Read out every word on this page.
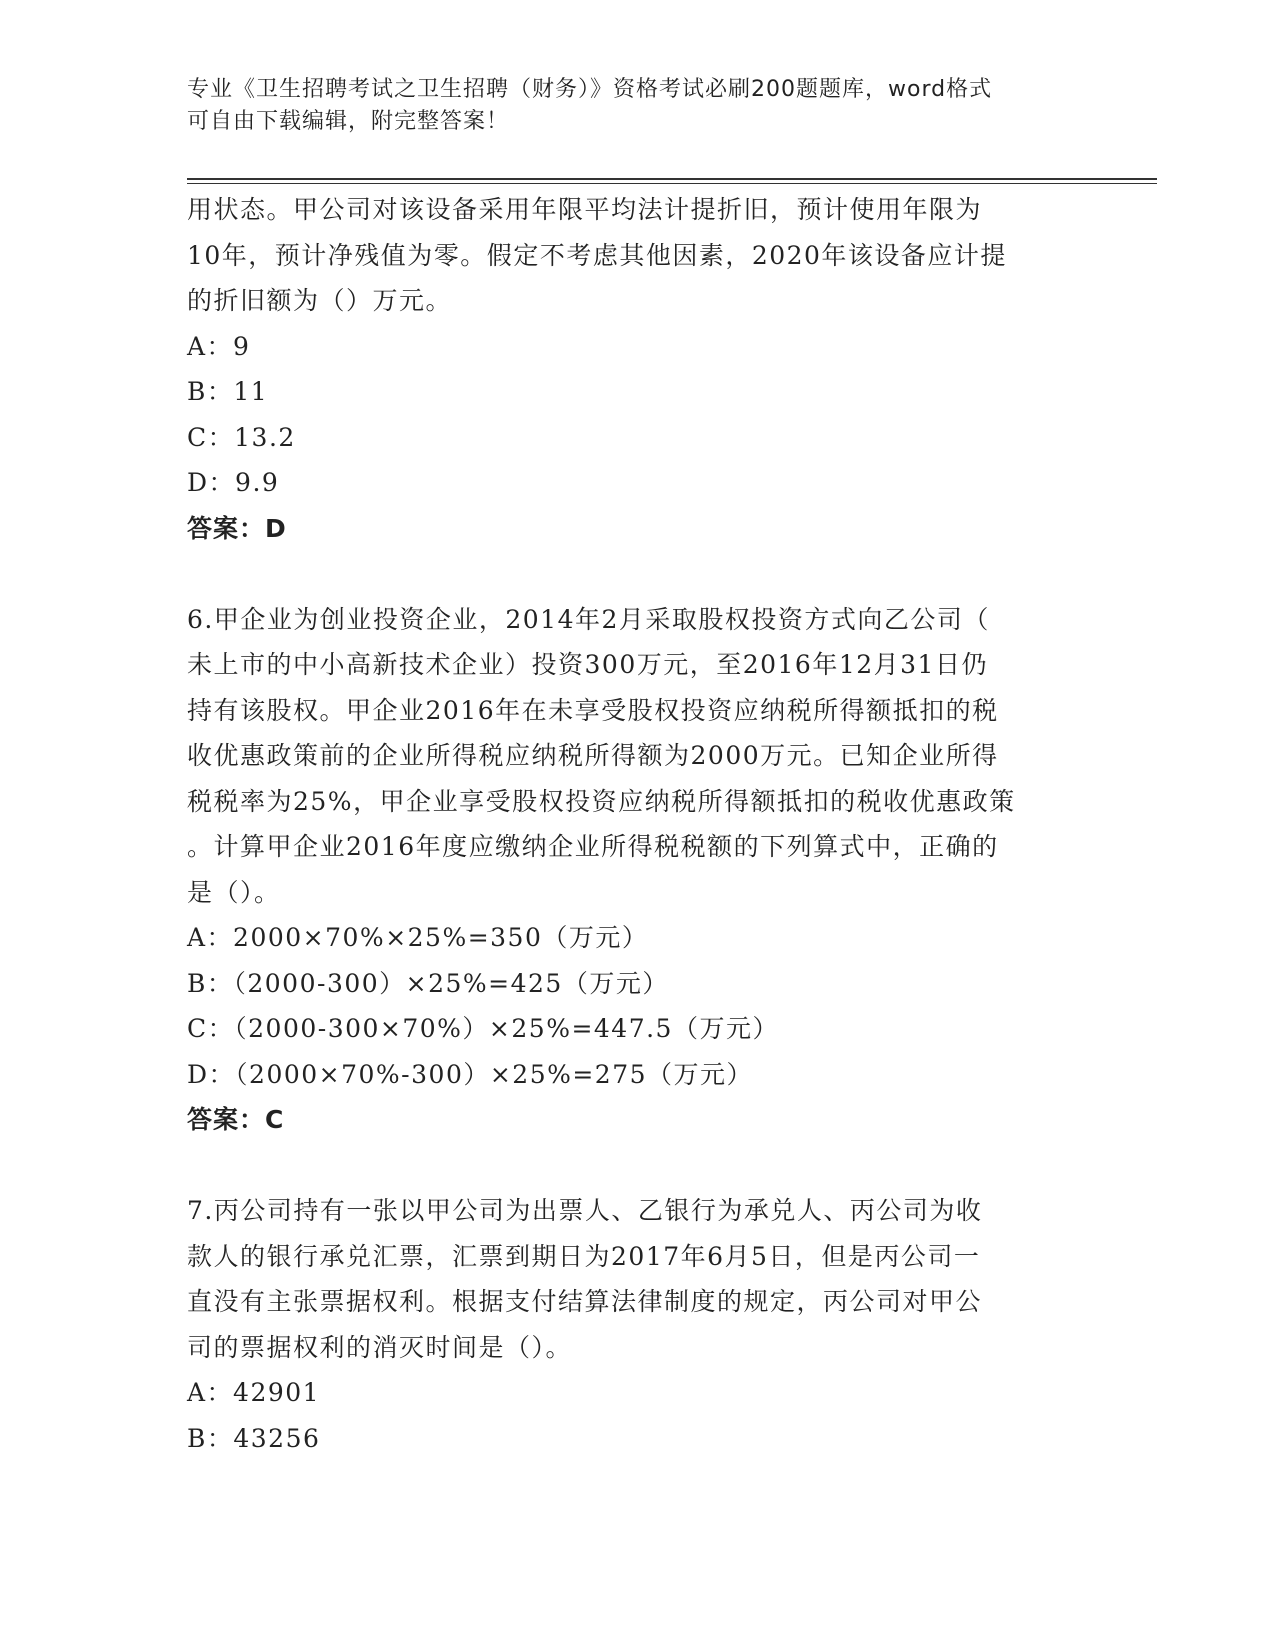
专业《卫生招聘考试之卫生招聘（财务）》资格考试必刷200题题库，word格式
可自由下载编辑，附完整答案！
用状态。甲公司对该设备采用年限平均法计提折旧，预计使用年限为
10年，预计净残值为零。假定不考虑其他因素，2020年该设备应计提
的折旧额为（）万元。
A：9
B：11
C：13.2
D：9.9
答案：D
6.甲企业为创业投资企业，2014年2月采取股权投资方式向乙公司（
未上市的中小高新技术企业）投资300万元，至2016年12月31日仍
持有该股权。甲企业2016年在未享受股权投资应纳税所得额抵扣的税
收优惠政策前的企业所得税应纳税所得额为2000万元。已知企业所得
税税率为25%，甲企业享受股权投资应纳税所得额抵扣的税收优惠政策
。计算甲企业2016年度应缴纳企业所得税税额的下列算式中，正确的
是（）。
A：2000×70%×25%=350（万元）
B：（2000-300）×25%=425（万元）
C：（2000-300×70%）×25%=447.5（万元）
D：（2000×70%-300）×25%=275（万元）
答案：C
7.丙公司持有一张以甲公司为出票人、乙银行为承兑人、丙公司为收
款人的银行承兑汇票，汇票到期日为2017年6月5日，但是丙公司一
直没有主张票据权利。根据支付结算法律制度的规定，丙公司对甲公
司的票据权利的消灭时间是（）。
A：42901
B：43256
